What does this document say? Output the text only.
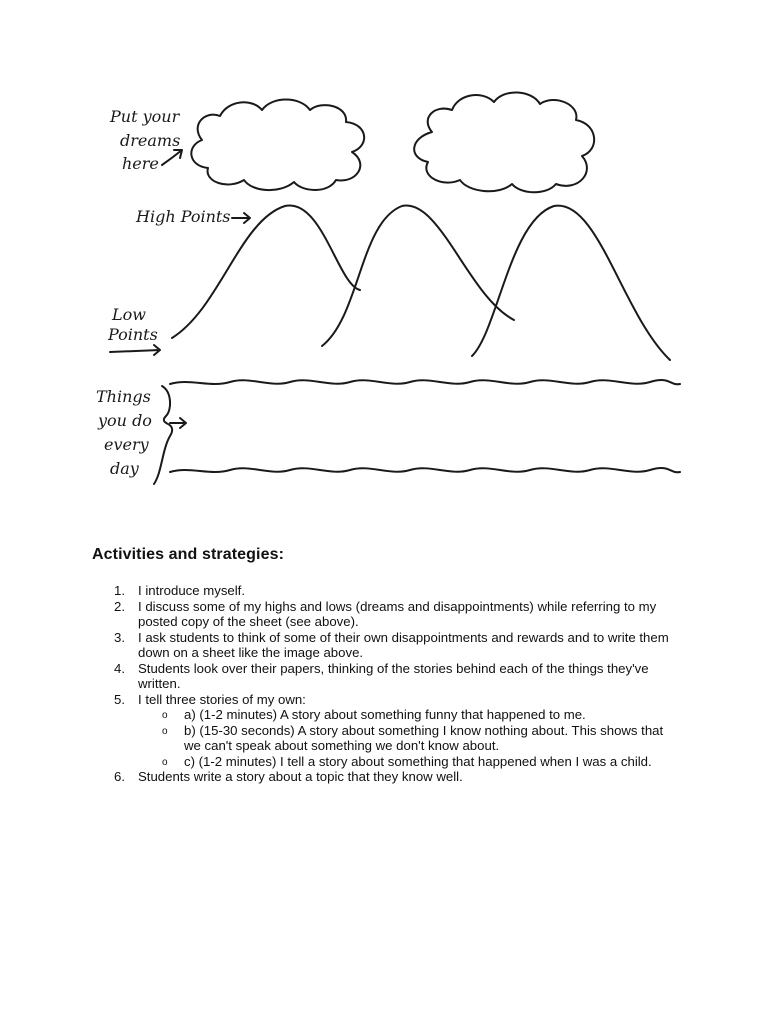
Put your
dreams
here
High Points
Low
Points
Things
you do
every
day
Activities and strategies:
1. I introduce myself.
2. I discuss some of my highs and lows (dreams and disappointments) while referring to my posted copy of the sheet (see above).
3. I ask students to think of some of their own disappointments and rewards and to write them down on a sheet like the image above.
4. Students look over their papers, thinking of the stories behind each of the things they've written.
5. I tell three stories of my own:
o a) (1-2 minutes) A story about something funny that happened to me.
o b) (15-30 seconds) A story about something I know nothing about. This shows that we can't speak about something we don't know about.
o c) (1-2 minutes) I tell a story about something that happened when I was a child.
6. Students write a story about a topic that they know well.
